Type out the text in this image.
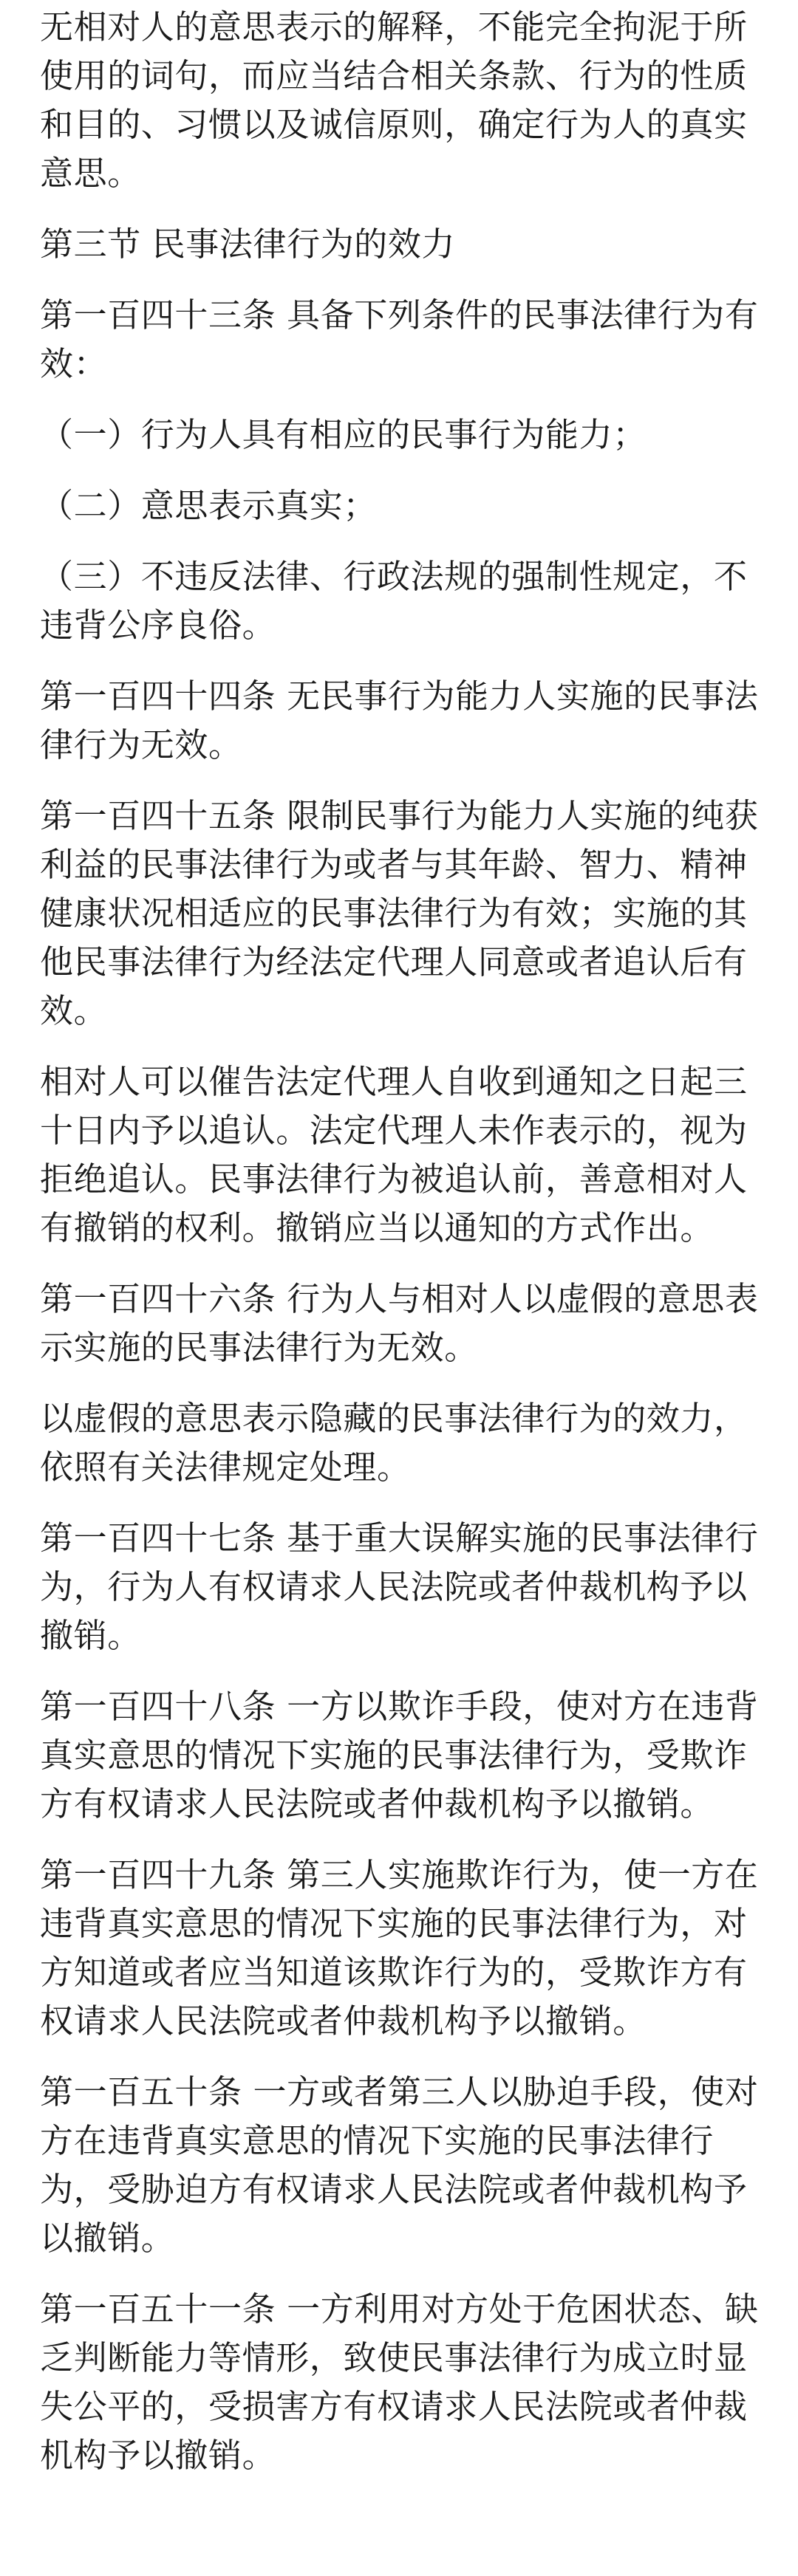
无相对人的意思表示的解释，不能完全拘泥于所使用的词句，而应当结合相关条款、行为的性质和目的、习惯以及诚信原则，确定行为人的真实意思。

第三节 民事法律行为的效力

第一百四十三条 具备下列条件的民事法律行为有效：

（一）行为人具有相应的民事行为能力；

（二）意思表示真实；

（三）不违反法律、行政法规的强制性规定，不违背公序良俗。

第一百四十四条 无民事行为能力人实施的民事法律行为无效。

第一百四十五条 限制民事行为能力人实施的纯获利益的民事法律行为或者与其年龄、智力、精神健康状况相适应的民事法律行为有效；实施的其他民事法律行为经法定代理人同意或者追认后有效。

相对人可以催告法定代理人自收到通知之日起三十日内予以追认。法定代理人未作表示的，视为拒绝追认。民事法律行为被追认前，善意相对人有撤销的权利。撤销应当以通知的方式作出。

第一百四十六条 行为人与相对人以虚假的意思表示实施的民事法律行为无效。

以虚假的意思表示隐藏的民事法律行为的效力，依照有关法律规定处理。

第一百四十七条 基于重大误解实施的民事法律行为，行为人有权请求人民法院或者仲裁机构予以撤销。

第一百四十八条 一方以欺诈手段，使对方在违背真实意思的情况下实施的民事法律行为，受欺诈方有权请求人民法院或者仲裁机构予以撤销。

第一百四十九条 第三人实施欺诈行为，使一方在违背真实意思的情况下实施的民事法律行为，对方知道或者应当知道该欺诈行为的，受欺诈方有权请求人民法院或者仲裁机构予以撤销。

第一百五十条 一方或者第三人以胁迫手段，使对方在违背真实意思的情况下实施的民事法律行为，受胁迫方有权请求人民法院或者仲裁机构予以撤销。

第一百五十一条 一方利用对方处于危困状态、缺乏判断能力等情形，致使民事法律行为成立时显失公平的，受损害方有权请求人民法院或者仲裁机构予以撤销。
